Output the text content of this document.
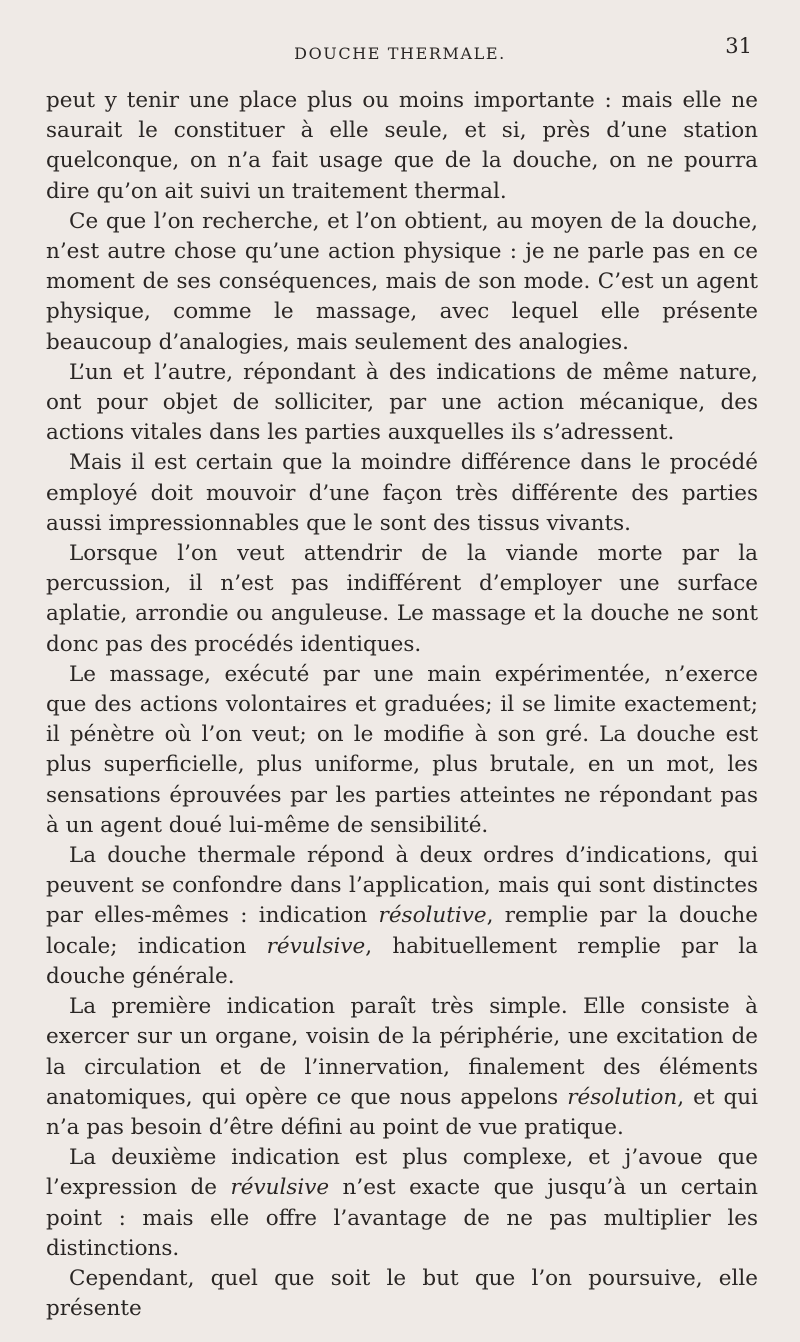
DOUCHE THERMALE.	31

peut y tenir une place plus ou moins importante : mais elle ne saurait le constituer à elle seule, et si, près d’une station quelconque, on n’a fait usage que de la douche, on ne pourra dire qu’on ait suivi un traitement thermal.

Ce que l’on recherche, et l’on obtient, au moyen de la douche, n’est autre chose qu’une action physique : je ne parle pas en ce moment de ses conséquences, mais de son mode. C’est un agent physique, comme le massage, avec lequel elle présente beaucoup d’analogies, mais seulement des analogies.

L’un et l’autre, répondant à des indications de même nature, ont pour objet de solliciter, par une action mécanique, des actions vitales dans les parties auxquelles ils s’adressent.

Mais il est certain que la moindre différence dans le procédé employé doit mouvoir d’une façon très différente des parties aussi impressionnables que le sont des tissus vivants.

Lorsque l’on veut attendrir de la viande morte par la percussion, il n’est pas indifférent d’employer une surface aplatie, arrondie ou anguleuse. Le massage et la douche ne sont donc pas des procédés identiques.

Le massage, exécuté par une main expérimentée, n’exerce que des actions volontaires et graduées; il se limite exactement; il pénètre où l’on veut; on le modifie à son gré. La douche est plus superficielle, plus uniforme, plus brutale, en un mot, les sensations éprouvées par les parties atteintes ne répondant pas à un agent doué lui-même de sensibilité.

La douche thermale répond à deux ordres d’indications, qui peuvent se confondre dans l’application, mais qui sont distinctes par elles-mêmes : indication résolutive, remplie par la douche locale; indication révulsive, habituellement remplie par la douche générale.

La première indication paraît très simple. Elle consiste à exercer sur un organe, voisin de la périphérie, une excitation de la circulation et de l’innervation, finalement des éléments anatomiques, qui opère ce que nous appelons résolution, et qui n’a pas besoin d’être défini au point de vue pratique.

La deuxième indication est plus complexe, et j’avoue que l’expression de révulsive n’est exacte que jusqu’à un certain point : mais elle offre l’avantage de ne pas multiplier les distinctions.

Cependant, quel que soit le but que l’on poursuive, elle présente
